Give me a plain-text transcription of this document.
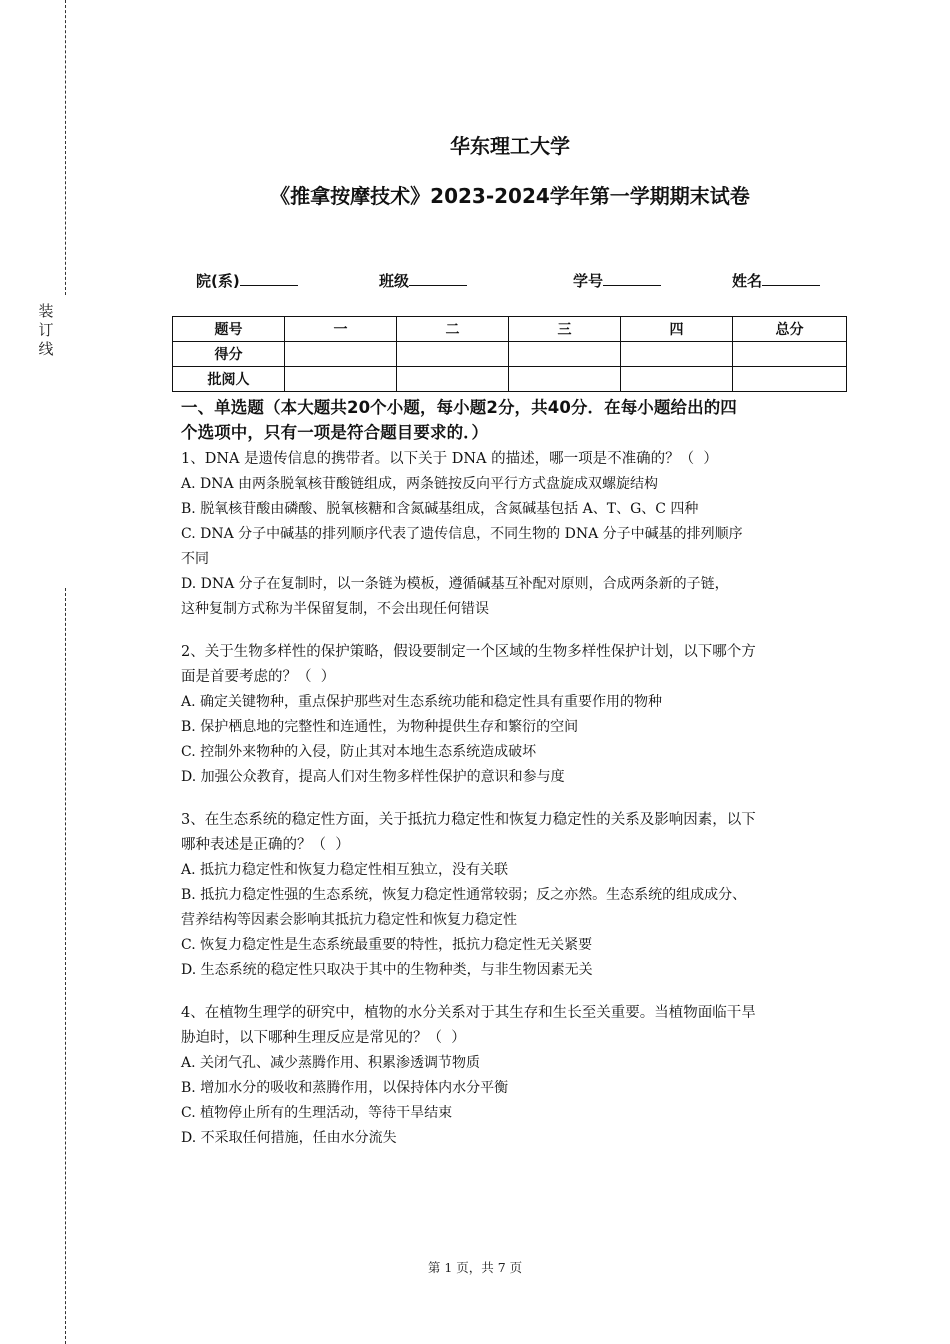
装
订
线
华东理工大学
《推拿按摩技术》2023-2024学年第一学期期末试卷
院(系)	班级	学号	姓名
题号	一	二	三	四	总分
得分					
批阅人					
一、单选题（本大题共20个小题，每小题2分，共40分．在每小题给出的四
个选项中，只有一项是符合题目要求的．）

1、DNA 是遗传信息的携带者。以下关于 DNA 的描述，哪一项是不准确的？（  ）

A. DNA 由两条脱氧核苷酸链组成，两条链按反向平行方式盘旋成双螺旋结构

B. 脱氧核苷酸由磷酸、脱氧核糖和含氮碱基组成，含氮碱基包括 A、T、G、C 四种

C. DNA 分子中碱基的排列顺序代表了遗传信息，不同生物的 DNA 分子中碱基的排列顺序

不同

D. DNA 分子在复制时，以一条链为模板，遵循碱基互补配对原则，合成两条新的子链，

这种复制方式称为半保留复制，不会出现任何错误

2、关于生物多样性的保护策略，假设要制定一个区域的生物多样性保护计划，以下哪个方

面是首要考虑的？（  ）

A. 确定关键物种，重点保护那些对生态系统功能和稳定性具有重要作用的物种

B. 保护栖息地的完整性和连通性，为物种提供生存和繁衍的空间

C. 控制外来物种的入侵，防止其对本地生态系统造成破坏

D. 加强公众教育，提高人们对生物多样性保护的意识和参与度

3、在生态系统的稳定性方面，关于抵抗力稳定性和恢复力稳定性的关系及影响因素，以下

哪种表述是正确的？（  ）

A. 抵抗力稳定性和恢复力稳定性相互独立，没有关联

B. 抵抗力稳定性强的生态系统，恢复力稳定性通常较弱；反之亦然。生态系统的组成成分、

营养结构等因素会影响其抵抗力稳定性和恢复力稳定性

C. 恢复力稳定性是生态系统最重要的特性，抵抗力稳定性无关紧要

D. 生态系统的稳定性只取决于其中的生物种类，与非生物因素无关

4、在植物生理学的研究中，植物的水分关系对于其生存和生长至关重要。当植物面临干旱

胁迫时，以下哪种生理反应是常见的？（  ）

A. 关闭气孔、减少蒸腾作用、积累渗透调节物质

B. 增加水分的吸收和蒸腾作用，以保持体内水分平衡

C. 植物停止所有的生理活动，等待干旱结束

D. 不采取任何措施，任由水分流失

第 1 页，共 7 页
